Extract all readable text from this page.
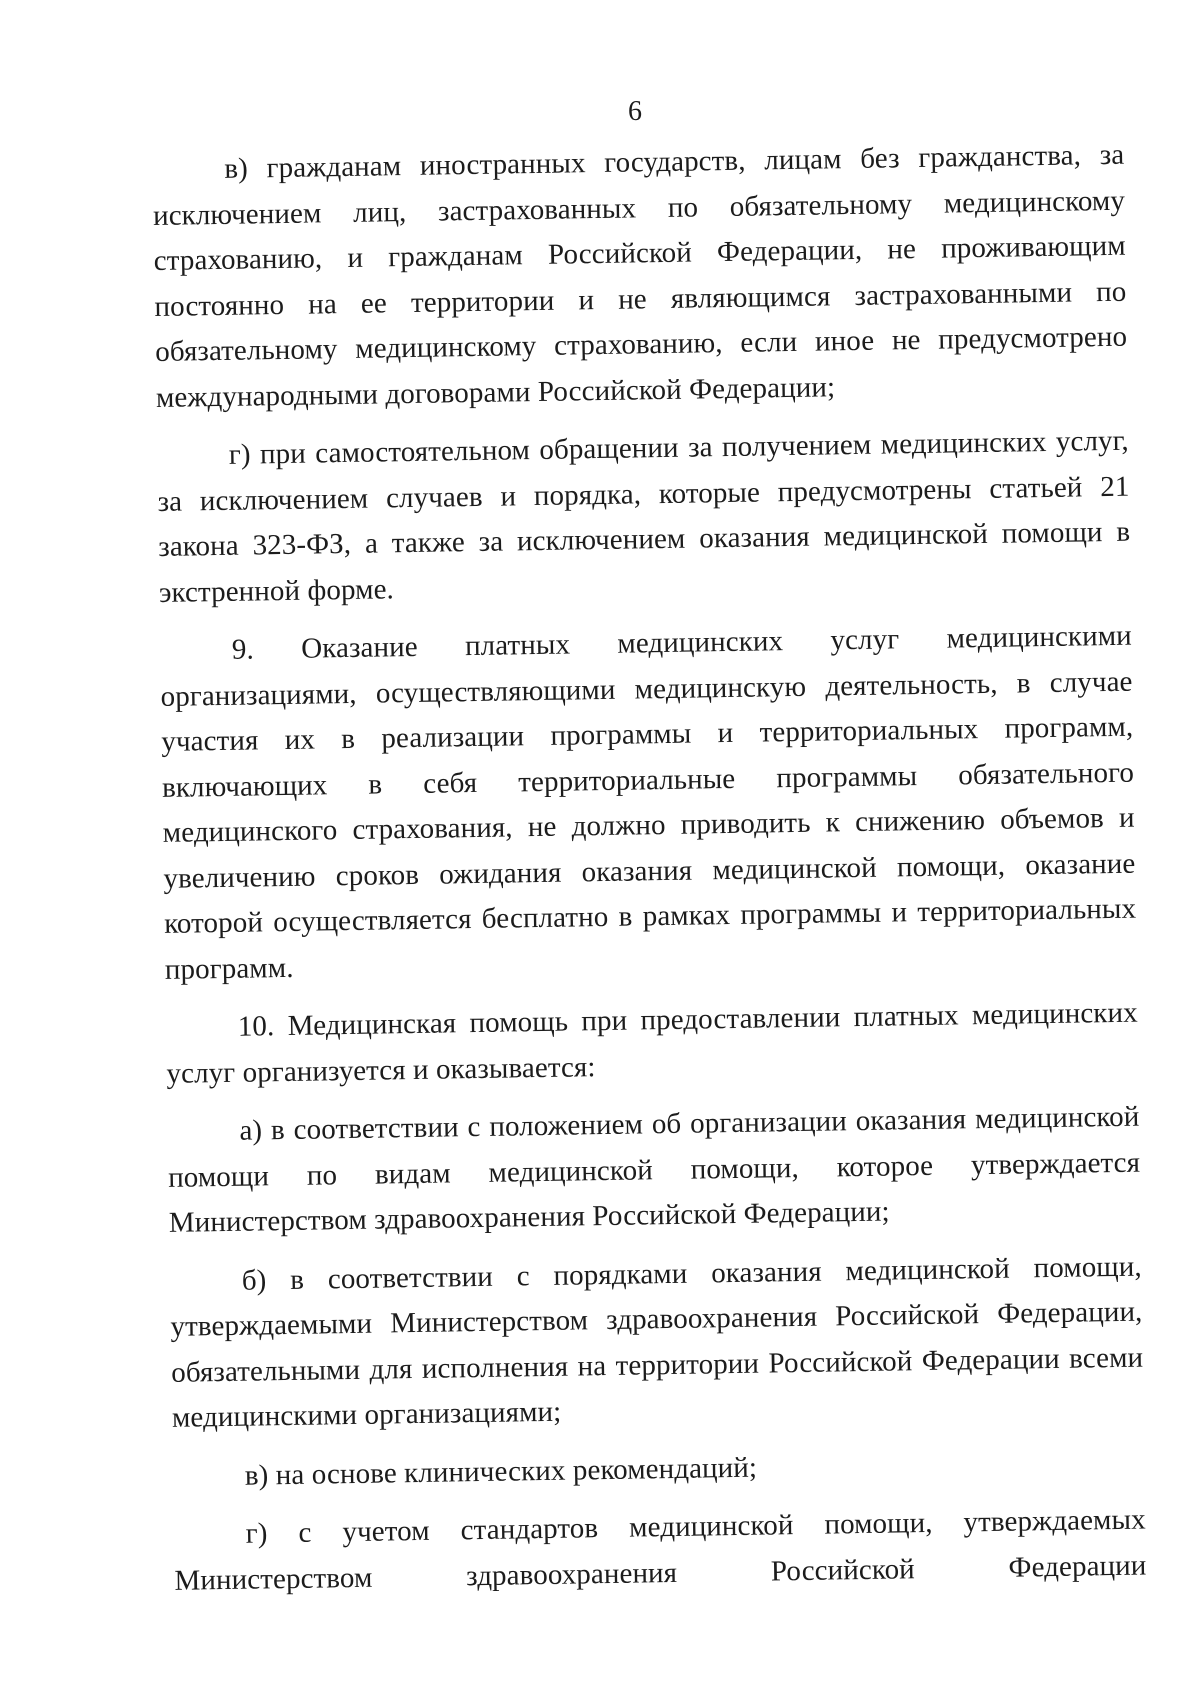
6

в) гражданам иностранных государств, лицам без гражданства, за исключением лиц, застрахованных по обязательному медицинскому страхованию, и гражданам Российской Федерации, не проживающим постоянно на ее территории и не являющимся застрахованными по обязательному медицинскому страхованию, если иное не предусмотрено международными договорами Российской Федерации;

г) при самостоятельном обращении за получением медицинских услуг, за исключением случаев и порядка, которые предусмотрены статьей 21 закона 323-ФЗ, а также за исключением оказания медицинской помощи в экстренной форме.

9. Оказание платных медицинских услуг медицинскими организациями, осуществляющими медицинскую деятельность, в случае участия их в реализации программы и территориальных программ, включающих в себя территориальные программы обязательного медицинского страхования, не должно приводить к снижению объемов и увеличению сроков ожидания оказания медицинской помощи, оказание которой осуществляется бесплатно в рамках программы и территориальных программ.

10. Медицинская помощь при предоставлении платных медицинских услуг организуется и оказывается:

а) в соответствии с положением об организации оказания медицинской помощи по видам медицинской помощи, которое утверждается Министерством здравоохранения Российской Федерации;

б) в соответствии с порядками оказания медицинской помощи, утверждаемыми Министерством здравоохранения Российской Федерации, обязательными для исполнения на территории Российской Федерации всеми медицинскими организациями;

в) на основе клинических рекомендаций;

г) с учетом стандартов медицинской помощи, утверждаемых Министерством здравоохранения Российской Федерации
